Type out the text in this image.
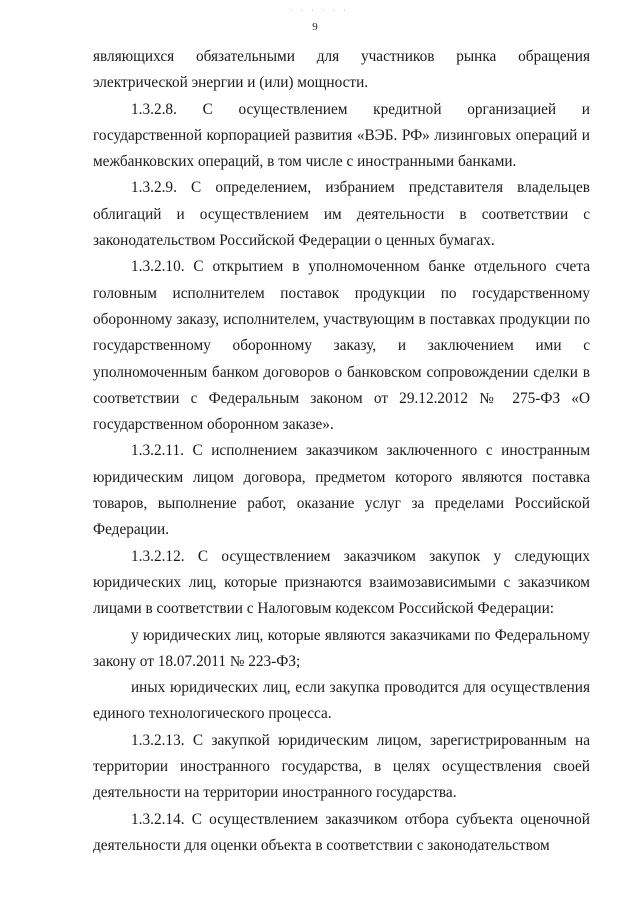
· · · · · ·
9

являющихся обязательными для участников рынка обращения электрической энергии и (или) мощности.

1.3.2.8. С осуществлением кредитной организацией и государственной корпорацией развития «ВЭБ. РФ» лизинговых операций и межбанковских операций, в том числе с иностранными банками.

1.3.2.9. С определением, избранием представителя владельцев облигаций и осуществлением им деятельности в соответствии с законодательством Российской Федерации о ценных бумагах.

1.3.2.10. С открытием в уполномоченном банке отдельного счета головным исполнителем поставок продукции по государственному оборонному заказу, исполнителем, участвующим в поставках продукции по государственному оборонному заказу, и заключением ими с уполномоченным банком договоров о банковском сопровождении сделки в соответствии с Федеральным законом от 29.12.2012 № 275-ФЗ «О государственном оборонном заказе».

1.3.2.11. С исполнением заказчиком заключенного с иностранным юридическим лицом договора, предметом которого являются поставка товаров, выполнение работ, оказание услуг за пределами Российской Федерации.

1.3.2.12. С осуществлением заказчиком закупок у следующих юридических лиц, которые признаются взаимозависимыми с заказчиком лицами в соответствии с Налоговым кодексом Российской Федерации:

у юридических лиц, которые являются заказчиками по Федеральному закону от 18.07.2011 № 223-ФЗ;

иных юридических лиц, если закупка проводится для осуществления единого технологического процесса.

1.3.2.13. С закупкой юридическим лицом, зарегистрированным на территории иностранного государства, в целях осуществления своей деятельности на территории иностранного государства.

1.3.2.14. С осуществлением заказчиком отбора субъекта оценочной деятельности для оценки объекта в соответствии с законодательством
